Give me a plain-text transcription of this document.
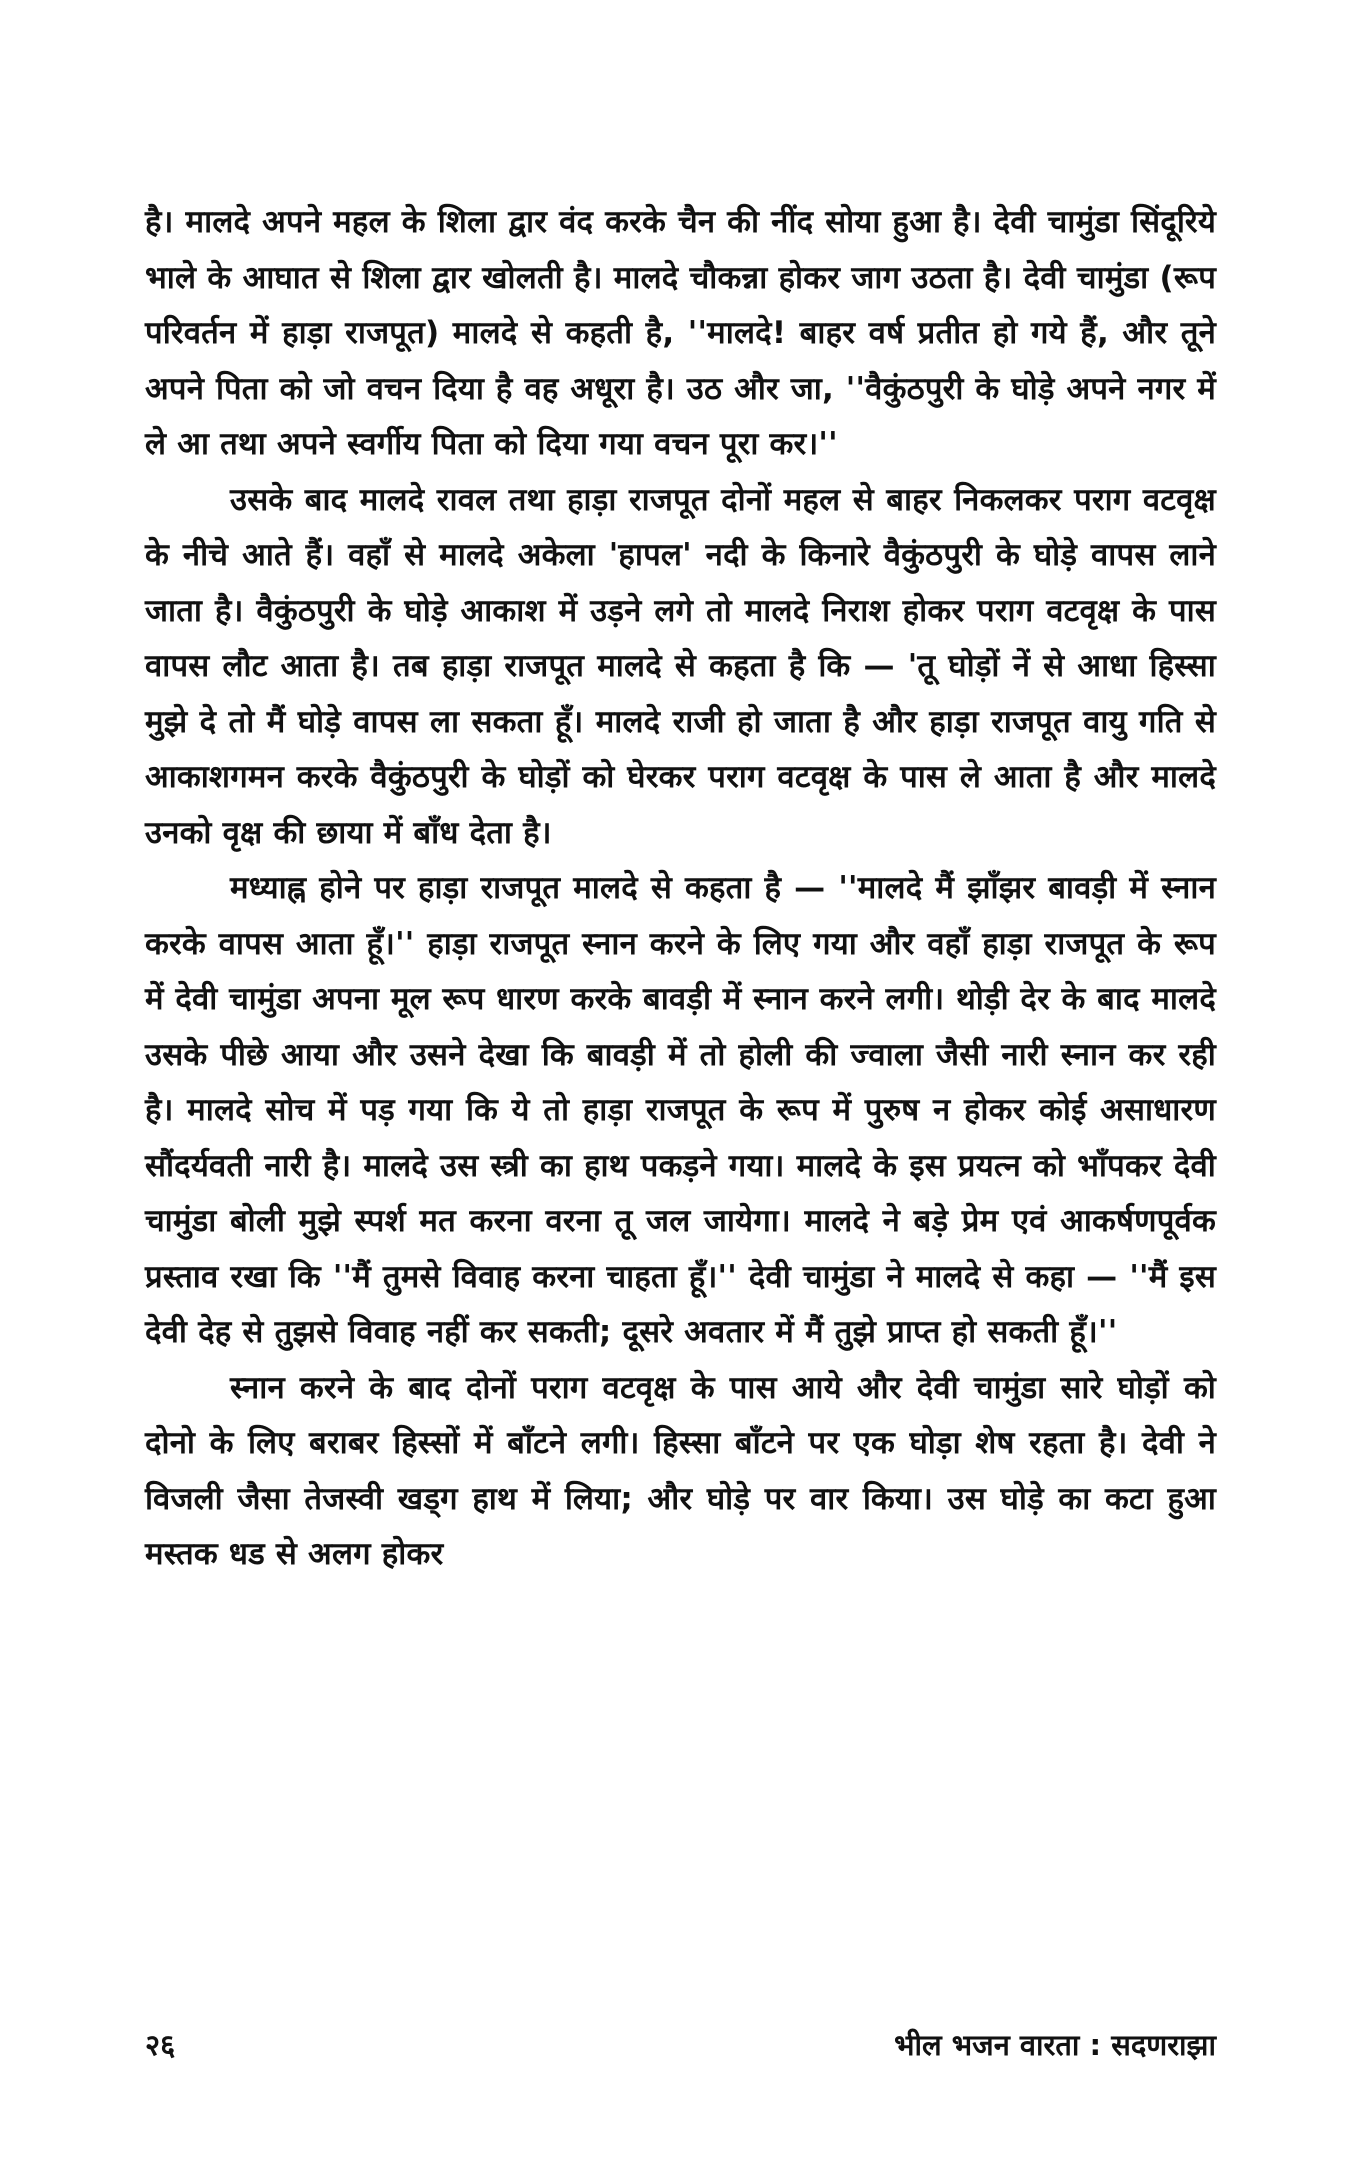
है। मालदे अपने महल के शिला द्वार वंद करके चैन की नींद सोया हुआ है। देवी चामुंडा सिंदूरिये भाले के आघात से शिला द्वार खोलती है। मालदे चौकन्ना होकर जाग उठता है। देवी चामुंडा (रूप परिवर्तन में हाड़ा राजपूत) मालदे से कहती है, ''मालदे! बाहर वर्ष प्रतीत हो गये हैं, और तूने अपने पिता को जो वचन दिया है वह अधूरा है। उठ और जा, ''वैकुंठपुरी के घोड़े अपने नगर में ले आ तथा अपने स्वर्गीय पिता को दिया गया वचन पूरा कर।''

उसके बाद मालदे रावल तथा हाड़ा राजपूत दोनों महल से बाहर निकलकर पराग वटवृक्ष के नीचे आते हैं। वहाँ से मालदे अकेला 'हापल' नदी के किनारे वैकुंठपुरी के घोड़े वापस लाने जाता है। वैकुंठपुरी के घोड़े आकाश में उड़ने लगे तो मालदे निराश होकर पराग वटवृक्ष के पास वापस लौट आता है। तब हाड़ा राजपूत मालदे से कहता है कि — 'तू घोड़ों नें से आधा हिस्सा मुझे दे तो मैं घोड़े वापस ला सकता हूँ। मालदे राजी हो जाता है और हाड़ा राजपूत वायु गति से आकाशगमन करके वैकुंठपुरी के घोड़ों को घेरकर पराग वटवृक्ष के पास ले आता है और मालदे उनको वृक्ष की छाया में बाँध देता है।

मध्याह्न होने पर हाड़ा राजपूत मालदे से कहता है — ''मालदे मैं झाँझर बावड़ी में स्नान करके वापस आता हूँ।'' हाड़ा राजपूत स्नान करने के लिए गया और वहाँ हाड़ा राजपूत के रूप में देवी चामुंडा अपना मूल रूप धारण करके बावड़ी में स्नान करने लगी। थोड़ी देर के बाद मालदे उसके पीछे आया और उसने देखा कि बावड़ी में तो होली की ज्वाला जैसी नारी स्नान कर रही है। मालदे सोच में पड़ गया कि ये तो हाड़ा राजपूत के रूप में पुरुष न होकर कोई असाधारण सौंदर्यवती नारी है। मालदे उस स्त्री का हाथ पकड़ने गया। मालदे के इस प्रयत्न को भाँपकर देवी चामुंडा बोली मुझे स्पर्श मत करना वरना तू जल जायेगा। मालदे ने बड़े प्रेम एवं आकर्षणपूर्वक प्रस्ताव रखा कि ''मैं तुमसे विवाह करना चाहता हूँ।'' देवी चामुंडा ने मालदे से कहा — ''मैं इस देवी देह से तुझसे विवाह नहीं कर सकती; दूसरे अवतार में मैं तुझे प्राप्त हो सकती हूँ।''

स्नान करने के बाद दोनों पराग वटवृक्ष के पास आये और देवी चामुंडा सारे घोड़ों को दोनो के लिए बराबर हिस्सों में बाँटने लगी। हिस्सा बाँटने पर एक घोड़ा शेष रहता है। देवी ने विजली जैसा तेजस्वी खड्ग हाथ में लिया; और घोड़े पर वार किया। उस घोड़े का कटा हुआ मस्तक धड से अलग होकर

२६	भील भजन वारता : सदणराझा
